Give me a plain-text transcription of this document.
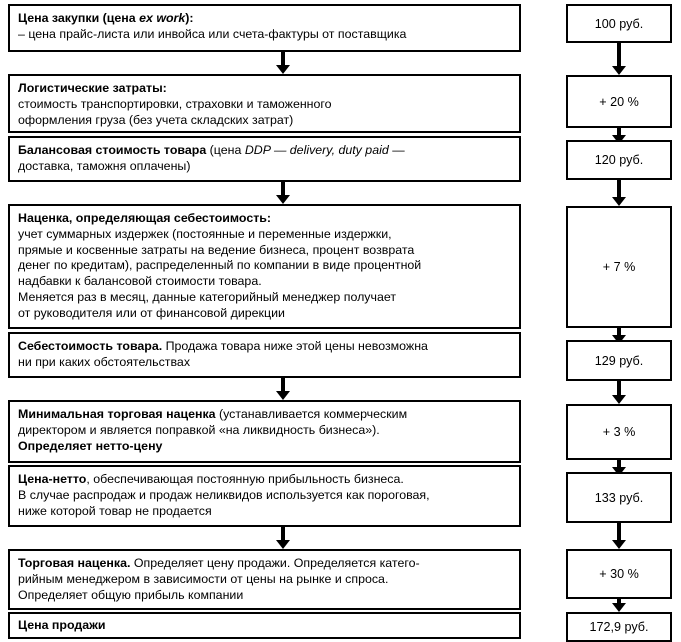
Цена закупки (цена ex work):

– цена прайс-листа или инвойса или счета-фактуры от поставщика

Логистические затраты:

стоимость транспортировки, страховки и таможенного

оформления груза (без учета складских затрат)

Балансовая стоимость товара (цена DDP — delivery, duty paid —

доставка, таможня оплачены)

Наценка, определяющая себестоимость:

учет суммарных издержек (постоянные и переменные издержки,

прямые и косвенные затраты на ведение бизнеса, процент возврата

денег по кредитам), распределенный по компании в виде процентной

надбавки к балансовой стоимости товара.

Меняется раз в месяц, данные категорийный менеджер получает

от руководителя или от финансовой дирекции

Себестоимость товара. Продажа товара ниже этой цены невозможна

ни при каких обстоятельствах

Минимальная торговая наценка (устанавливается коммерческим

директором и является поправкой «на ликвидность бизнеса»).

Определяет нетто-цену

Цена-нетто, обеспечивающая постоянную прибыльность бизнеса.

В случае распродаж и продаж неликвидов используется как пороговая,

ниже которой товар не продается

Торговая наценка. Определяет цену продажи. Определяется катего-

рийным менеджером в зависимости от цены на рынке и спроса.

Определяет общую прибыль компании

Цена продажи

100 руб.
+ 20 %
120 руб.
+ 7 %
129 руб.
+ 3 %
133 руб.
+ 30 %
172,9 руб.
